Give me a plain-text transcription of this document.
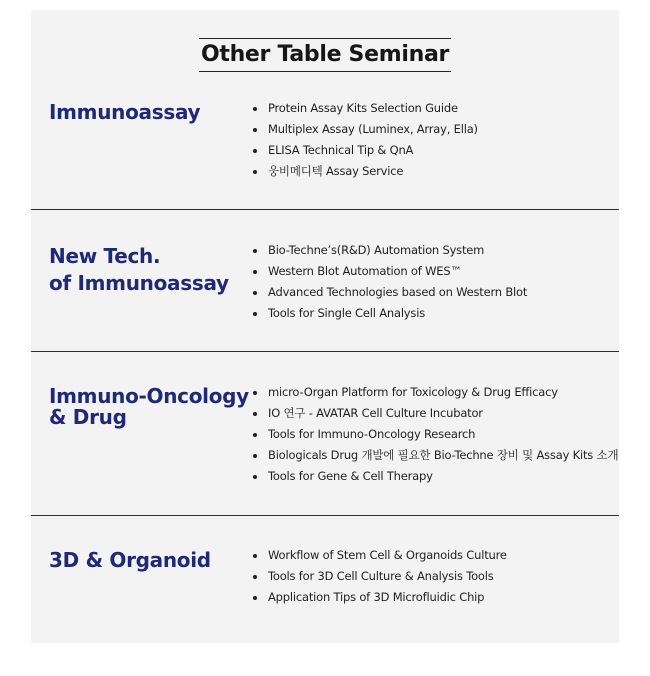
Other Table Seminar
Immunoassay	Protein Assay Kits Selection Guide
Multiplex Assay (Luminex, Array, Ella)
ELISA Technical Tip & QnA
웅비메디텍 Assay Service
New Tech.
of Immunoassay
Bio-Techne’s(R&D) Automation System
Western Blot Automation of WES™
Advanced Technologies based on Western Blot
Tools for Single Cell Analysis
Immuno-Oncology
& Drug
micro-Organ Platform for Toxicology & Drug Efficacy
IO 연구 - AVATAR Cell Culture Incubator
Tools for Immuno-Oncology Research
Biologicals Drug 개발에 필요한 Bio-Techne 장비 및 Assay Kits 소개
Tools for Gene & Cell Therapy
3D & Organoid	Workflow of Stem Cell & Organoids Culture
Tools for 3D Cell Culture & Analysis Tools
Application Tips of 3D Microfluidic Chip
